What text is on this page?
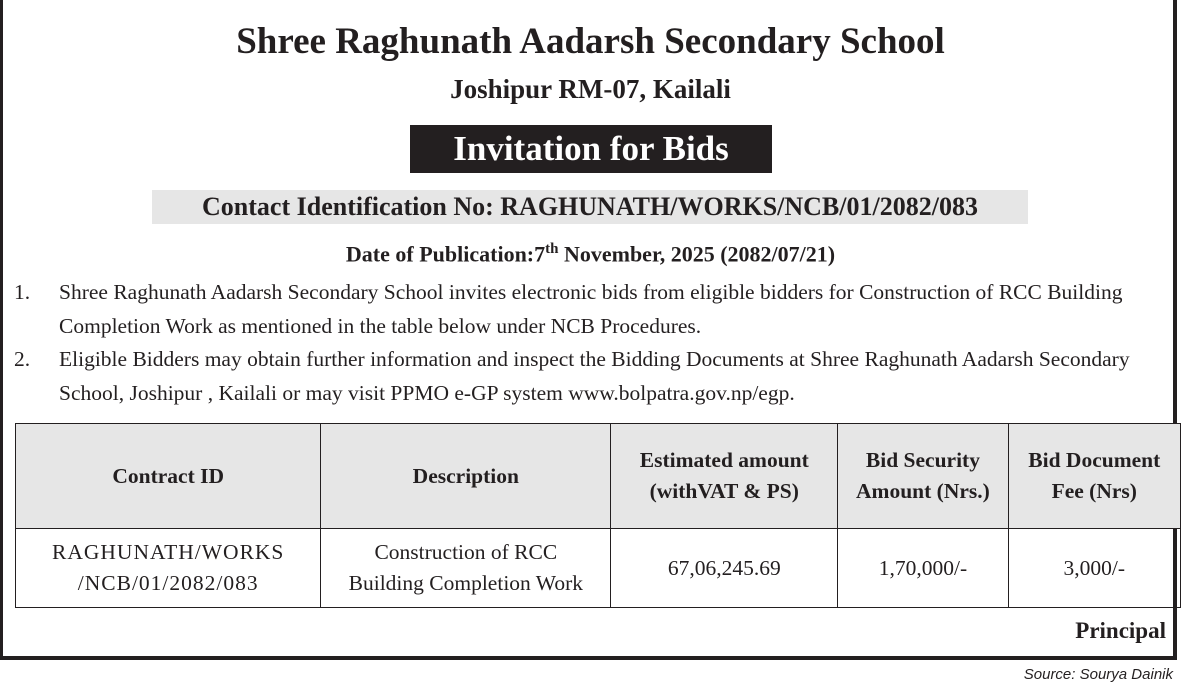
Shree Raghunath Aadarsh Secondary School
Joshipur RM-07, Kailali
Invitation for Bids
Contact Identification No: RAGHUNATH/WORKS/NCB/01/2082/083
Date of Publication:7th November, 2025 (2082/07/21)
1. Shree Raghunath Aadarsh Secondary School invites electronic bids from eligible bidders for Construction of RCC Building Completion Work as mentioned in the table below under NCB Procedures.
2. Eligible Bidders may obtain further information and inspect the Bidding Documents at Shree Raghunath Aadarsh Secondary School, Joshipur , Kailali or may visit PPMO e-GP system www.bolpatra.gov.np/egp.
Contract ID	Description	Estimated amount (withVAT & PS)	Bid Security Amount (Nrs.)	Bid Document Fee (Nrs)
RAGHUNATH/WORKS /NCB/01/2082/083	Construction of RCC Building Completion Work	67,06,245.69	1,70,000/-	3,000/-
Principal
Source: Sourya Dainik
